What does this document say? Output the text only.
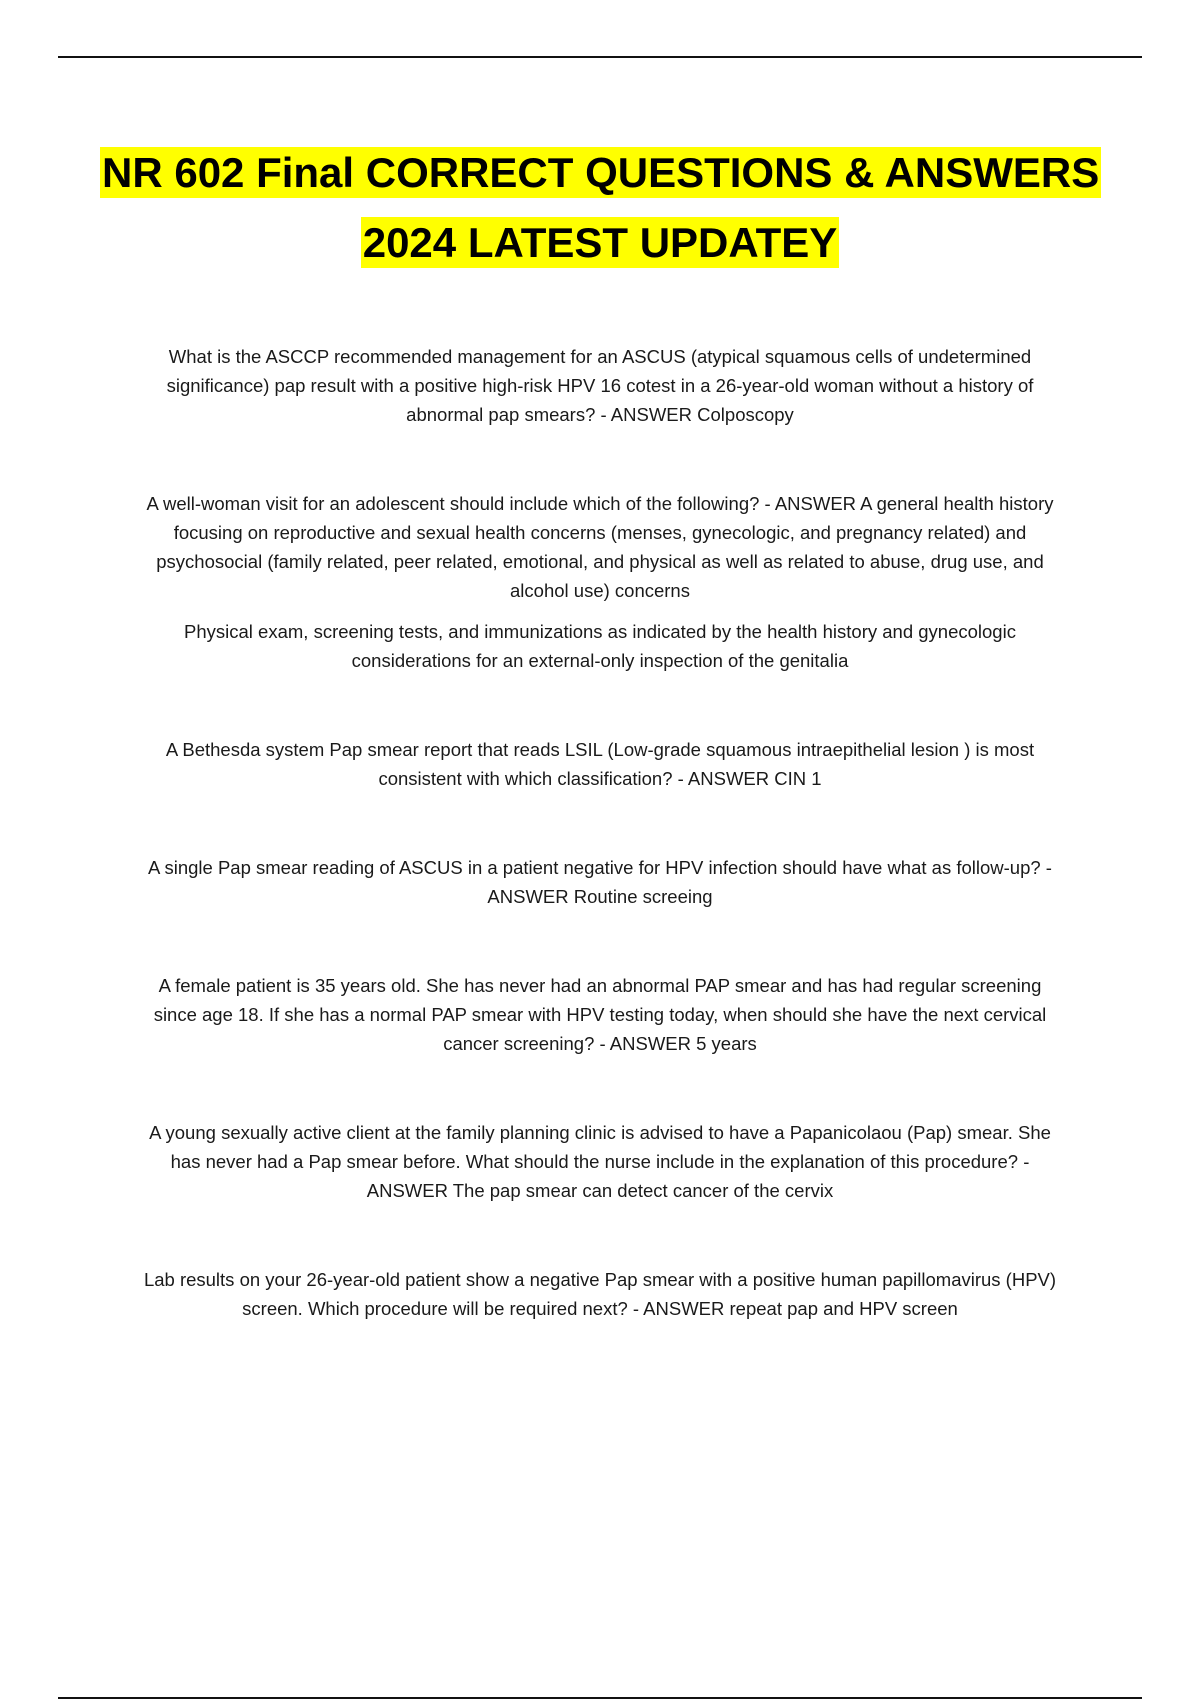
NR 602 Final CORRECT QUESTIONS & ANSWERS 2024 LATEST UPDATEY

What is the ASCCP recommended management for an ASCUS (atypical squamous cells of undetermined significance) pap result with a positive high-risk HPV 16 cotest in a 26-year-old woman without a history of abnormal pap smears? - ANSWER Colposcopy

A well-woman visit for an adolescent should include which of the following? - ANSWER A general health history focusing on reproductive and sexual health concerns (menses, gynecologic, and pregnancy related) and psychosocial (family related, peer related, emotional, and physical as well as related to abuse, drug use, and alcohol use) concerns

Physical exam, screening tests, and immunizations as indicated by the health history and gynecologic considerations for an external-only inspection of the genitalia

A Bethesda system Pap smear report that reads LSIL (Low-grade squamous intraepithelial lesion ) is most consistent with which classification? - ANSWER CIN 1

A single Pap smear reading of ASCUS in a patient negative for HPV infection should have what as follow-up? - ANSWER Routine screeing

A female patient is 35 years old. She has never had an abnormal PAP smear and has had regular screening since age 18. If she has a normal PAP smear with HPV testing today, when should she have the next cervical cancer screening? - ANSWER 5 years

A young sexually active client at the family planning clinic is advised to have a Papanicolaou (Pap) smear. She has never had a Pap smear before. What should the nurse include in the explanation of this procedure? - ANSWER The pap smear can detect cancer of the cervix

Lab results on your 26-year-old patient show a negative Pap smear with a positive human papillomavirus (HPV) screen. Which procedure will be required next? - ANSWER repeat pap and HPV screen
